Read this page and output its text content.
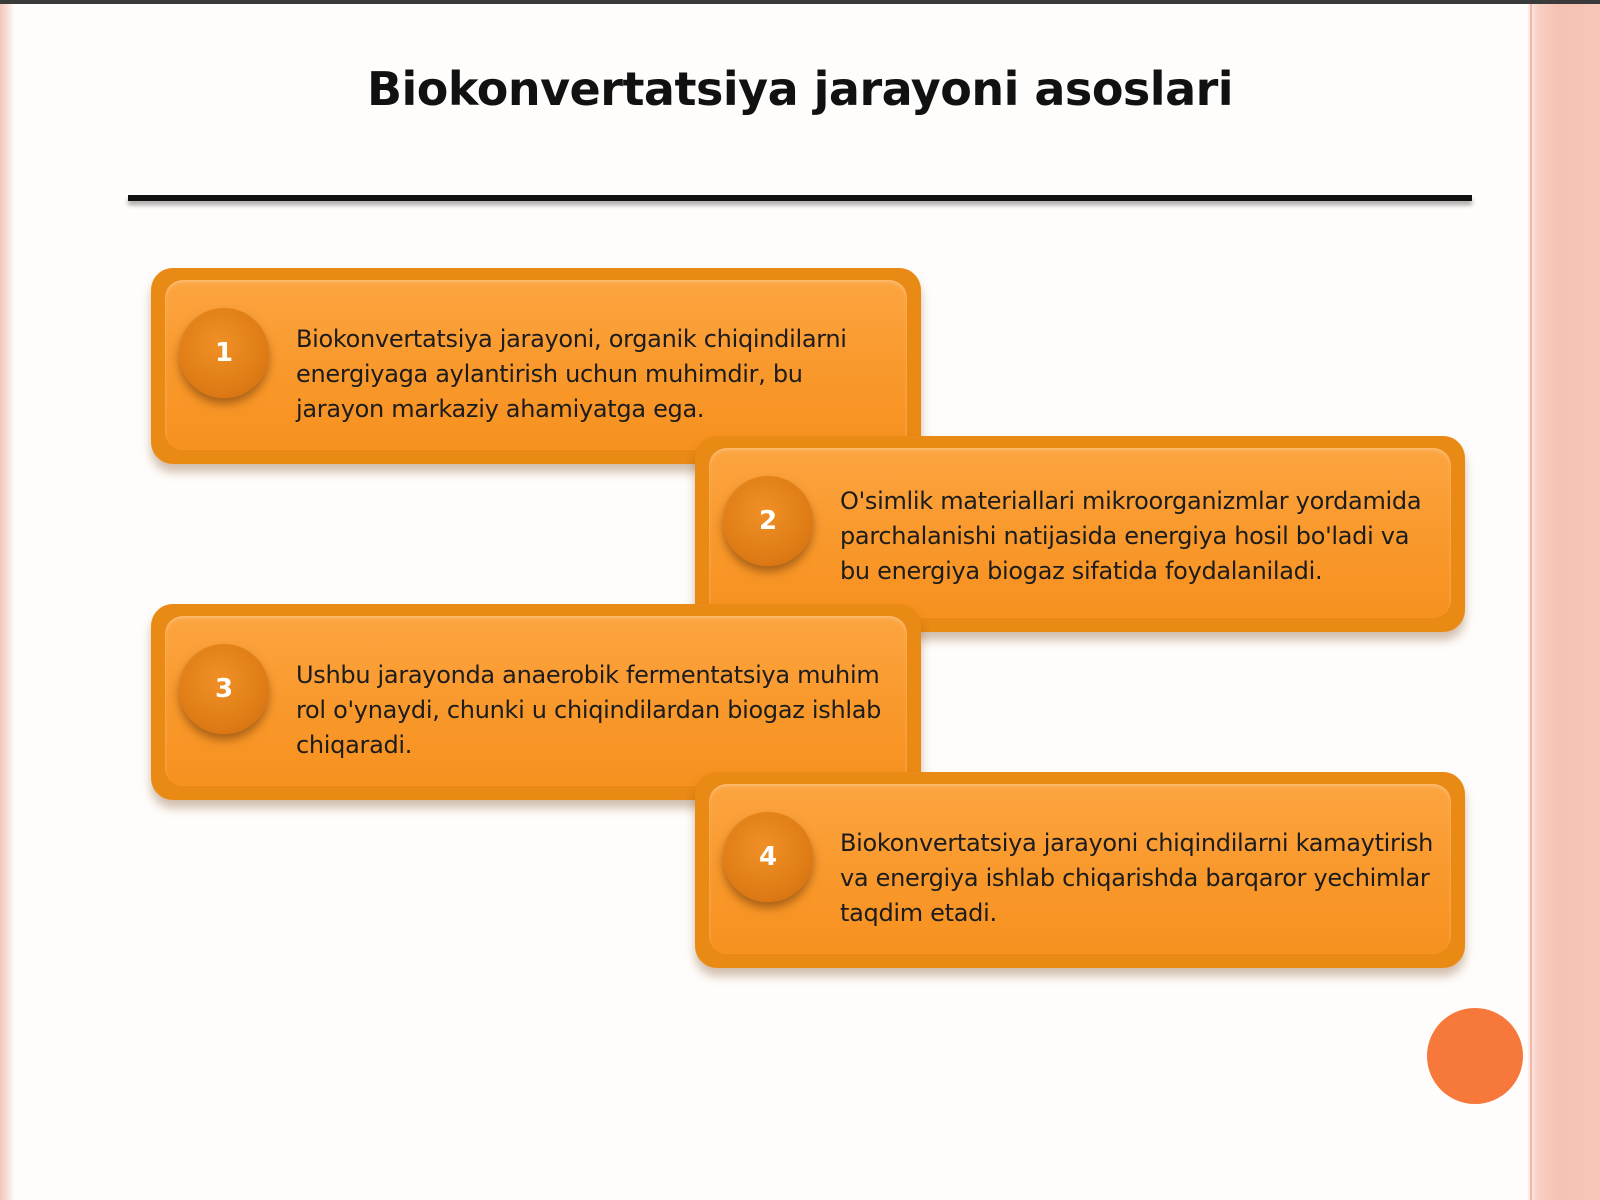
Biokonvertatsiya jarayoni asoslari
1	Biokonvertatsiya jarayoni, organik chiqindilarni energiyaga aylantirish uchun muhimdir, bu jarayon markaziy ahamiyatga ega.
2
O'simlik materiallari mikroorganizmlar yordamida parchalanishi natijasida energiya hosil bo'ladi va bu energiya biogaz sifatida foydalaniladi.
3	Ushbu jarayonda anaerobik fermentatsiya muhim rol o'ynaydi, chunki u chiqindilardan biogaz ishlab chiqaradi.
4	Biokonvertatsiya jarayoni chiqindilarni kamaytirish va energiya ishlab chiqarishda barqaror yechimlar taqdim etadi.
